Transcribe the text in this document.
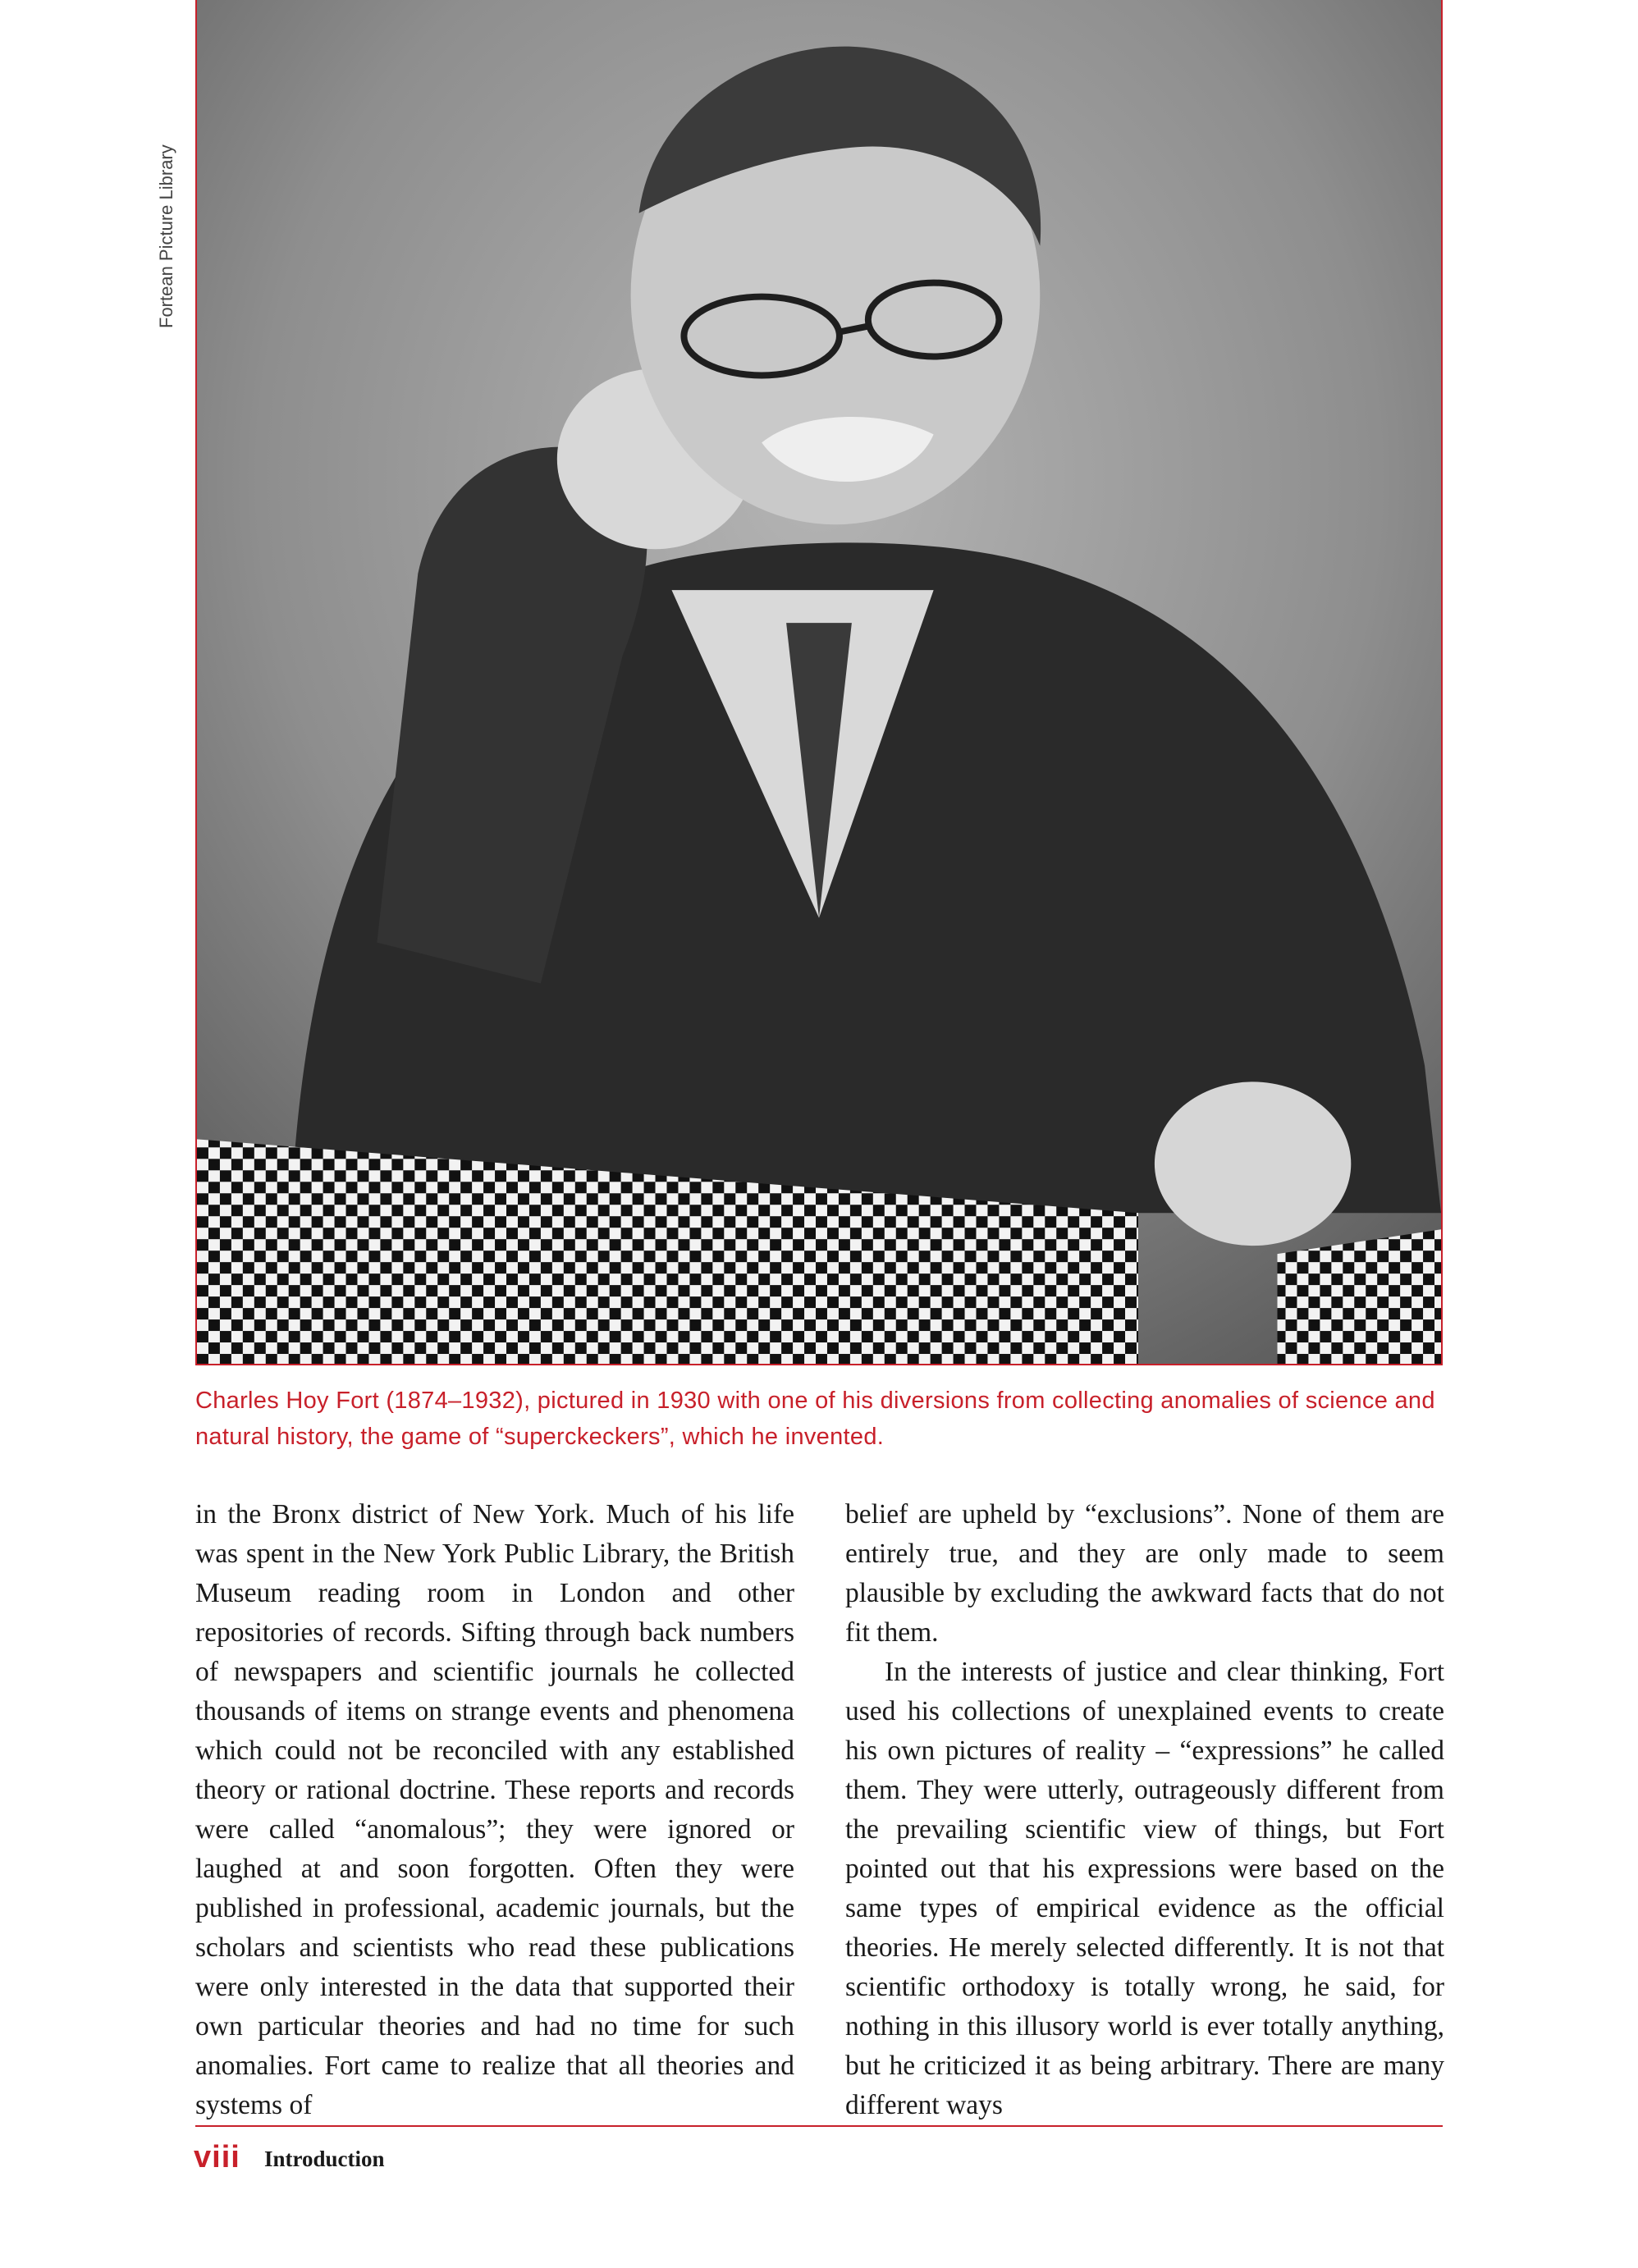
Fortean Picture Library
Charles Hoy Fort (1874–1932), pictured in 1930 with one of his diversions from collecting anomalies of science and natural history, the game of “superckeckers”, which he invented.

in the Bronx district of New York. Much of his life was spent in the New York Public Library, the British Museum reading room in London and other repositories of records. Sifting through back numbers of newspapers and scientific journals he collected thousands of items on strange events and phenomena which could not be reconciled with any established theory or rational doctrine. These reports and records were called “anomalous”; they were ignored or laughed at and soon forgotten. Often they were published in professional, academic journals, but the scholars and scientists who read these publications were only interested in the data that supported their own particular theories and had no time for such anomalies. Fort came to realize that all theories and systems of

belief are upheld by “exclusions”. None of them are entirely true, and they are only made to seem plausible by excluding the awkward facts that do not fit them.

In the interests of justice and clear thinking, Fort used his collections of unexplained events to create his own pictures of reality – “expressions” he called them. They were utterly, outrageously different from the prevailing scientific view of things, but Fort pointed out that his expressions were based on the same types of empirical evidence as the official theories. He merely selected differently. It is not that scientific orthodoxy is totally wrong, he said, for nothing in this illusory world is ever totally anything, but he criticized it as being arbitrary. There are many different ways

viii Introduction
